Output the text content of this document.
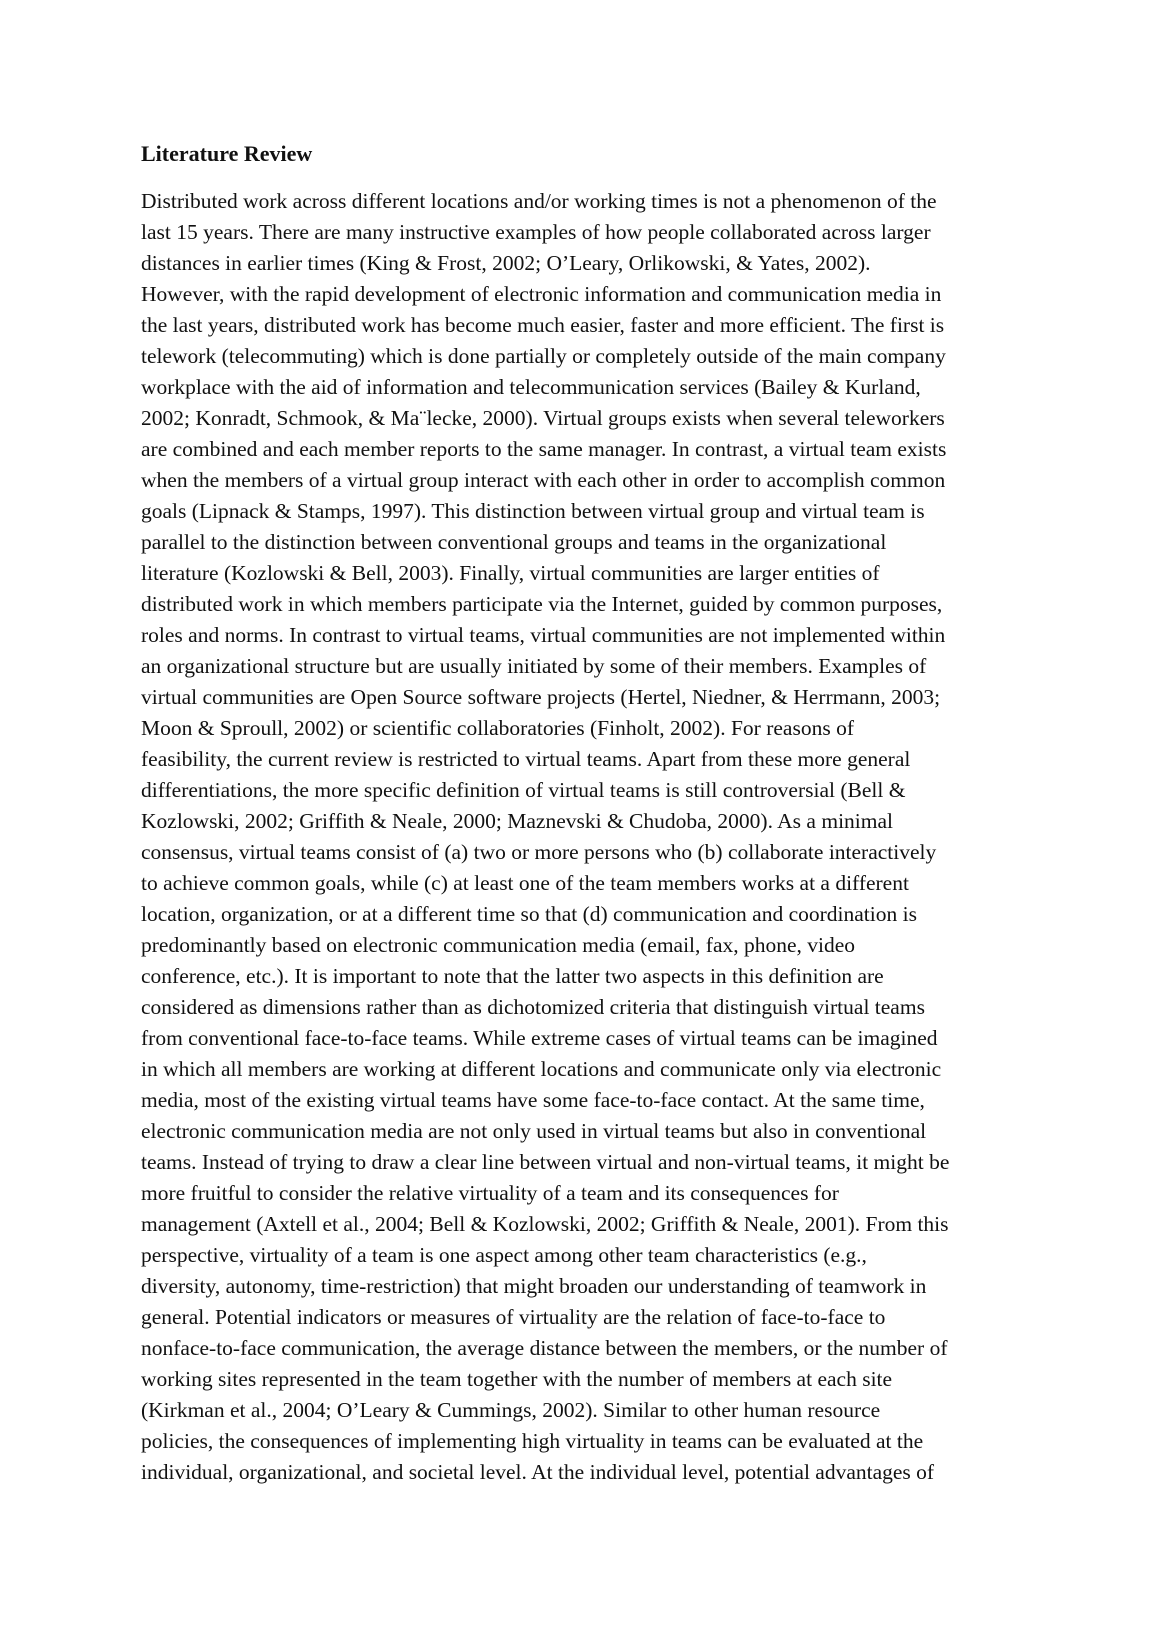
Literature Review

Distributed work across different locations and/or working times is not a phenomenon of the
last 15 years. There are many instructive examples of how people collaborated across larger
distances in earlier times (King & Frost, 2002; O’Leary, Orlikowski, & Yates, 2002).
However, with the rapid development of electronic information and communication media in
the last years, distributed work has become much easier, faster and more efficient. The first is
telework (telecommuting) which is done partially or completely outside of the main company
workplace with the aid of information and telecommunication services (Bailey & Kurland,
2002; Konradt, Schmook, & Ma¨lecke, 2000). Virtual groups exists when several teleworkers
are combined and each member reports to the same manager. In contrast, a virtual team exists
when the members of a virtual group interact with each other in order to accomplish common
goals (Lipnack & Stamps, 1997). This distinction between virtual group and virtual team is
parallel to the distinction between conventional groups and teams in the organizational
literature (Kozlowski & Bell, 2003). Finally, virtual communities are larger entities of
distributed work in which members participate via the Internet, guided by common purposes,
roles and norms. In contrast to virtual teams, virtual communities are not implemented within
an organizational structure but are usually initiated by some of their members. Examples of
virtual communities are Open Source software projects (Hertel, Niedner, & Herrmann, 2003;
Moon & Sproull, 2002) or scientific collaboratories (Finholt, 2002). For reasons of
feasibility, the current review is restricted to virtual teams. Apart from these more general
differentiations, the more specific definition of virtual teams is still controversial (Bell &
Kozlowski, 2002; Griffith & Neale, 2000; Maznevski & Chudoba, 2000). As a minimal
consensus, virtual teams consist of (a) two or more persons who (b) collaborate interactively
to achieve common goals, while (c) at least one of the team members works at a different
location, organization, or at a different time so that (d) communication and coordination is
predominantly based on electronic communication media (email, fax, phone, video
conference, etc.). It is important to note that the latter two aspects in this definition are
considered as dimensions rather than as dichotomized criteria that distinguish virtual teams
from conventional face-to-face teams. While extreme cases of virtual teams can be imagined
in which all members are working at different locations and communicate only via electronic
media, most of the existing virtual teams have some face-to-face contact. At the same time,
electronic communication media are not only used in virtual teams but also in conventional
teams. Instead of trying to draw a clear line between virtual and non-virtual teams, it might be
more fruitful to consider the relative virtuality of a team and its consequences for
management (Axtell et al., 2004; Bell & Kozlowski, 2002; Griffith & Neale, 2001). From this
perspective, virtuality of a team is one aspect among other team characteristics (e.g.,
diversity, autonomy, time-restriction) that might broaden our understanding of teamwork in
general. Potential indicators or measures of virtuality are the relation of face-to-face to
nonface-to-face communication, the average distance between the members, or the number of
working sites represented in the team together with the number of members at each site
(Kirkman et al., 2004; O’Leary & Cummings, 2002). Similar to other human resource
policies, the consequences of implementing high virtuality in teams can be evaluated at the
individual, organizational, and societal level. At the individual level, potential advantages of
